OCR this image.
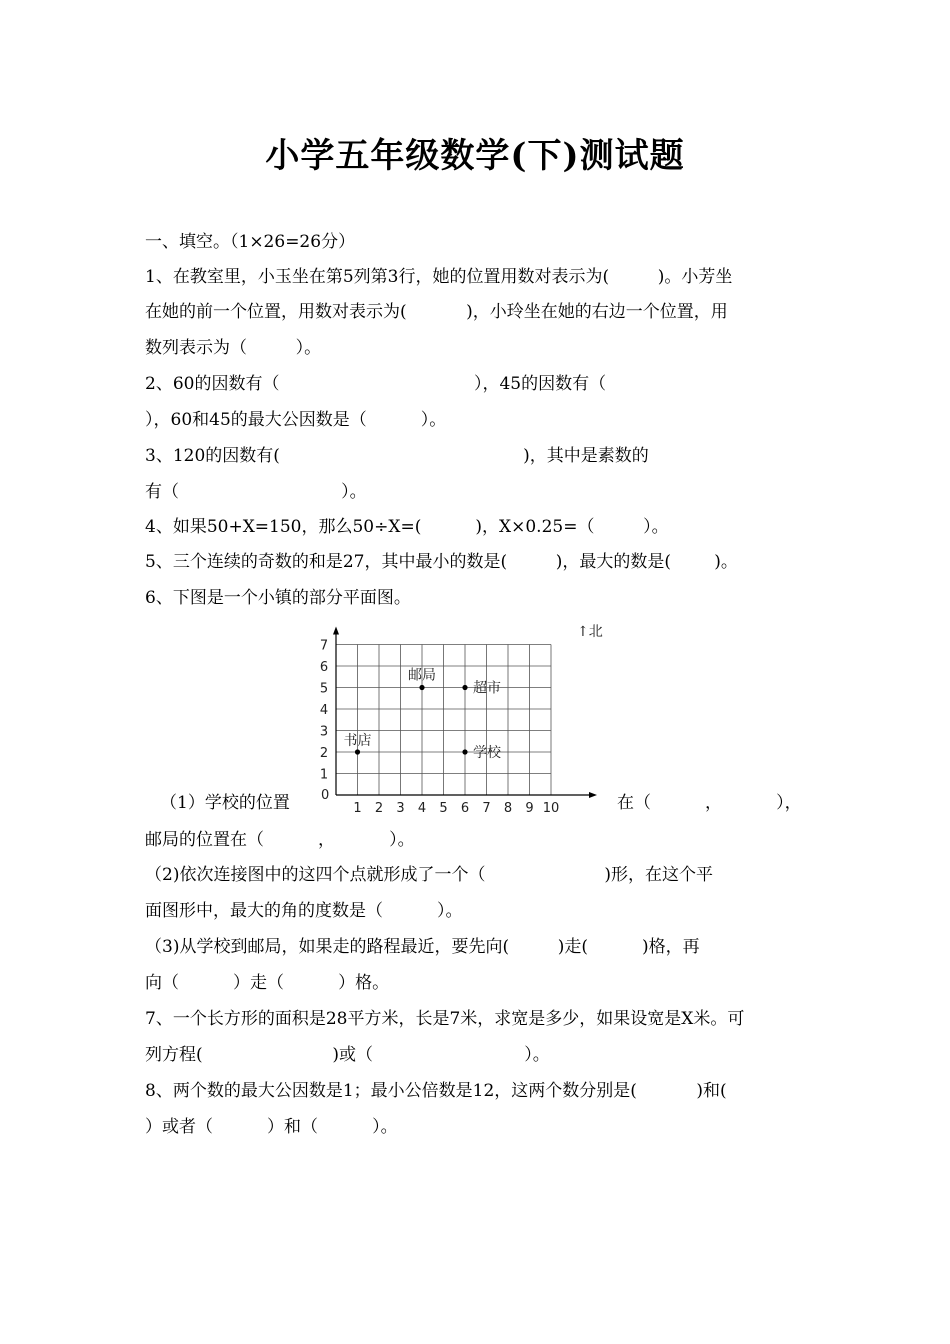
小学五年级数学(下)测试题
一、填空。（1×26=26分）
1、在教室里，小玉坐在第5列第3行，她的位置用数对表示为(         )。小芳坐
在她的前一个位置，用数对表示为(           )，小玲坐在她的右边一个位置，用
数列表示为（         ）。
2、60的因数有（                                    ），45的因数有（
），60和45的最大公因数是（          ）。
3、120的因数有(                                             )，其中是素数的
有（                              ）。
4、如果50+X=150，那么50÷X=(          )，X×0.25=（         ）。
5、三个连续的奇数的和是27，其中最小的数是(         )，最大的数是(        )。
6、下图是一个小镇的部分平面图。
1 2 3 4 5 6 7 8 9 10
1
2
3
4
5
6
7
书店
邮局
超市
学校
0
↑北
（1）学校的位置	在（          ，          ），
邮局的位置在（          ，          ）。
（2)依次连接图中的这四个点就形成了一个（                      )形，在这个平
面图形中，最大的角的度数是（          ）。
（3)从学校到邮局，如果走的路程最近，要先向(         )走(          )格，再
向（          ）走（          ）格。
7、一个长方形的面积是28平方米，长是7米，求宽是多少，如果设宽是X米。可
列方程(                        )或（                            ）。
8、两个数的最大公因数是1；最小公倍数是12，这两个数分别是(           )和(
）或者（          ）和（          ）。
